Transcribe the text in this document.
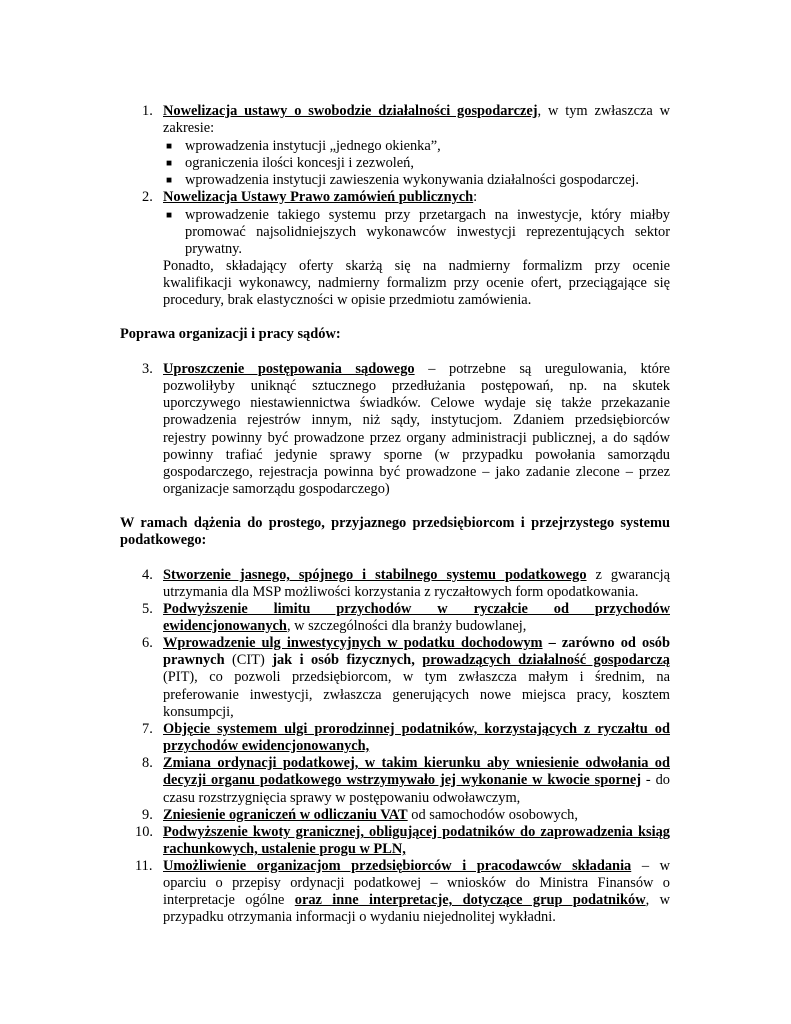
1. Nowelizacja ustawy o swobodzie działalności gospodarczej, w tym zwłaszcza w
zakresie:
■ wprowadzenia instytucji „jednego okienka”,
■ ograniczenia ilości koncesji i zezwoleń,
■ wprowadzenia instytucji zawieszenia wykonywania działalności gospodarczej.
2. Nowelizacja Ustawy Prawo zamówień publicznych:
■ wprowadzenie takiego systemu przy przetargach na inwestycje, który miałby
promować najsolidniejszych wykonawców inwestycji reprezentujących sektor
prywatny.
Ponadto, składający oferty skarżą się na nadmierny formalizm przy ocenie
kwalifikacji wykonawcy, nadmierny formalizm przy ocenie ofert, przeciągające się
procedury, brak elastyczności w opisie przedmiotu zamówienia.
Poprawa organizacji i pracy sądów:
3. Uproszczenie postępowania sądowego – potrzebne są uregulowania, które
pozwoliłyby uniknąć sztucznego przedłużania postępowań, np. na skutek
uporczywego niestawiennictwa świadków. Celowe wydaje się także przekazanie
prowadzenia rejestrów innym, niż sądy, instytucjom. Zdaniem przedsiębiorców
rejestry powinny być prowadzone przez organy administracji publicznej, a do sądów
powinny trafiać jedynie sprawy sporne (w przypadku powołania samorządu
gospodarczego, rejestracja powinna być prowadzone – jako zadanie zlecone – przez
organizacje samorządu gospodarczego)
W ramach dążenia do prostego, przyjaznego przedsiębiorcom i przejrzystego systemu
podatkowego:
4. Stworzenie jasnego, spójnego i stabilnego systemu podatkowego z gwarancją
utrzymania dla MSP możliwości korzystania z ryczałtowych form opodatkowania.
5. Podwyższenie limitu przychodów w ryczałcie od przychodów
ewidencjonowanych, w szczególności dla branży budowlanej,
6. Wprowadzenie ulg inwestycyjnych w podatku dochodowym – zarówno od osób
prawnych (CIT) jak i osób fizycznych, prowadzących działalność gospodarczą
(PIT), co pozwoli przedsiębiorcom, w tym zwłaszcza małym i średnim, na
preferowanie inwestycji, zwłaszcza generujących nowe miejsca pracy, kosztem
konsumpcji,
7. Objęcie systemem ulgi prorodzinnej podatników, korzystających z ryczałtu od
przychodów ewidencjonowanych,
8. Zmiana ordynacji podatkowej, w takim kierunku aby wniesienie odwołania od
decyzji organu podatkowego wstrzymywało jej wykonanie w kwocie spornej - do
czasu rozstrzygnięcia sprawy w postępowaniu odwoławczym,
9. Zniesienie ograniczeń w odliczaniu VAT od samochodów osobowych,
10. Podwyższenie kwoty granicznej, obligującej podatników do zaprowadzenia ksiąg
rachunkowych, ustalenie progu w PLN,
11. Umożliwienie organizacjom przedsiębiorców i pracodawców składania – w
oparciu o przepisy ordynacji podatkowej – wniosków do Ministra Finansów o
interpretacje ogólne oraz inne interpretacje, dotyczące grup podatników, w
przypadku otrzymania informacji o wydaniu niejednolitej wykładni.
